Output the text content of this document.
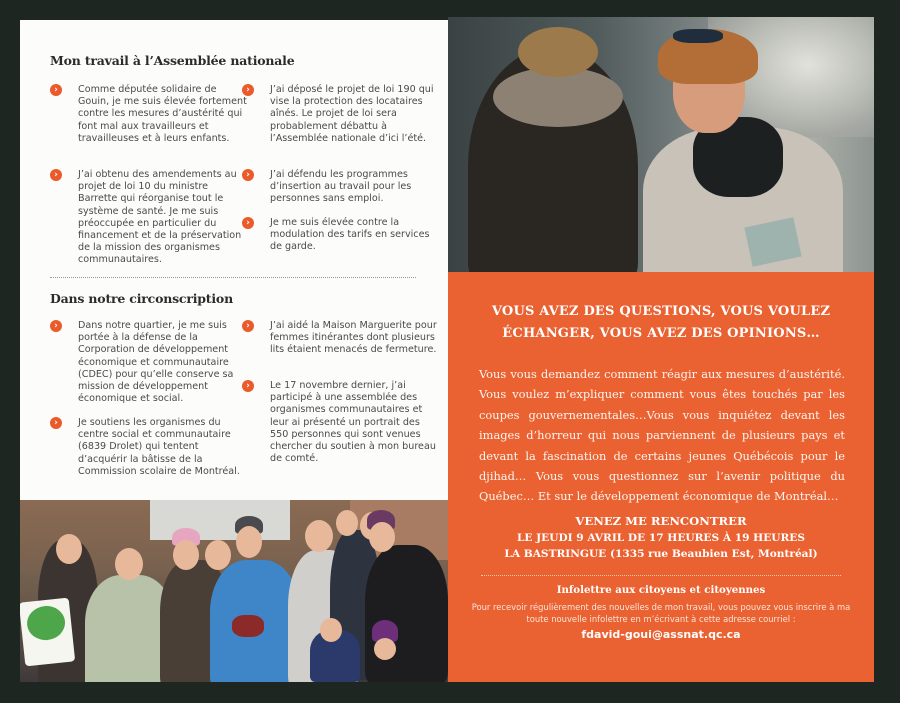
Mon travail à l’Assemblée nationale
›	Comme députée solidaire de Gouin, je me suis élevée fortement contre les mesures d’austérité qui font mal aux travailleurs et travailleuses et à leurs enfants.
›	J’ai obtenu des amendements au projet de loi 10 du ministre Barrette qui réorganise tout le système de santé. Je me suis préoccupée en particulier du financement et de la préservation de la mission des organismes communautaires.
›	J’ai déposé le projet de loi 190 qui vise la protection des locataires aînés. Le projet de loi sera probablement débattu à l’Assemblée nationale d’ici l’été.
›	J’ai défendu les programmes d’insertion au travail pour les personnes sans emploi.
›	Je me suis élevée contre la modulation des tarifs en services de garde.
Dans notre circonscription
›	Dans notre quartier, je me suis portée à la défense de la Corporation de développement économique et communautaire (CDEC) pour qu’elle conserve sa mission de développement économique et social.
›	Je soutiens les organismes du centre social et communautaire (6839 Drolet) qui tentent d’acquérir la bâtisse de la Commission scolaire de Montréal.
›	J’ai aidé la Maison Marguerite pour femmes itinérantes dont plusieurs lits étaient menacés de fermeture.
›	Le 17 novembre dernier, j’ai participé à une assemblée des organismes communautaires et leur ai présenté un portrait des 550 personnes qui sont venues chercher du soutien à mon bureau de comté.
VOUS AVEZ DES QUESTIONS, VOUS VOULEZ
ÉCHANGER, VOUS AVEZ DES OPINIONS…
Vous vous demandez comment réagir aux mesures d’austérité. Vous voulez m’expliquer comment vous êtes touchés par les coupes gouvernementales…Vous vous inquiétez devant les images d’horreur qui nous parviennent de plusieurs pays et devant la fascination de certains jeunes Québécois pour le djihad… Vous vous questionnez sur l’avenir politique du Québec… Et sur le développement économique de Montréal…
VENEZ ME RENCONTRER
LE JEUDI 9 AVRIL DE 17 HEURES À 19 HEURES
LA BASTRINGUE (1335 rue Beaubien Est, Montréal)
Infolettre aux citoyens et citoyennes
Pour recevoir régulièrement des nouvelles de mon travail, vous pouvez vous inscrire à ma toute nouvelle infolettre en m’écrivant à cette adresse courriel :
fdavid-goui@assnat.qc.ca
